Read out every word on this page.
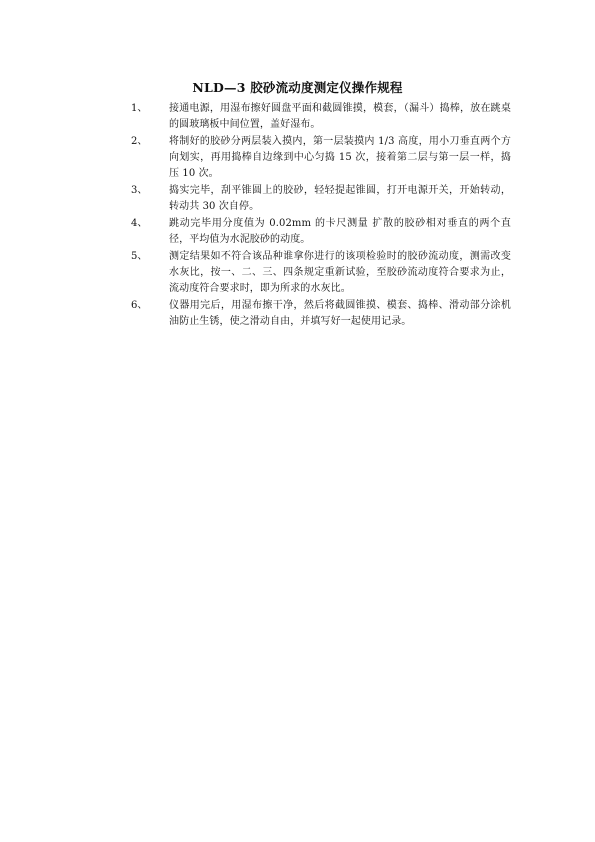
NLD—3 胶砂流动度测定仪操作规程
1、	接通电源，用湿布擦好圆盘平面和截圆锥摸，模套，（漏斗）捣棒，放在跳桌的圆玻璃板中间位置，盖好湿布。
2、	将制好的胶砂分两层装入摸内，第一层装摸内 1/3 高度，用小刀垂直两个方向划实，再用捣棒自边缘到中心匀捣 15 次，接着第二层与第一层一样，捣压 10 次。
3、	捣实完毕，刮平锥圆上的胶砂，轻轻提起锥圆，打开电源开关，开始转动，转动共 30 次自停。
4、	跳动完毕用分度值为 0.02mm 的卡尺测量 扩散的胶砂相对垂直的两个直径，平均值为水泥胶砂的动度。
5、	测定结果如不符合该品种谁拿你进行的该项检验时的胶砂流动度，测需改变水灰比，按一、二、三、四条规定重新试验，至胶砂流动度符合要求为止，流动度符合要求时，即为所求的水灰比。
6、	仪器用完后，用湿布擦干净，然后将截圆锥摸、模套、捣棒、滑动部分涂机油防止生锈，使之滑动自由，并填写好一起使用记录。
